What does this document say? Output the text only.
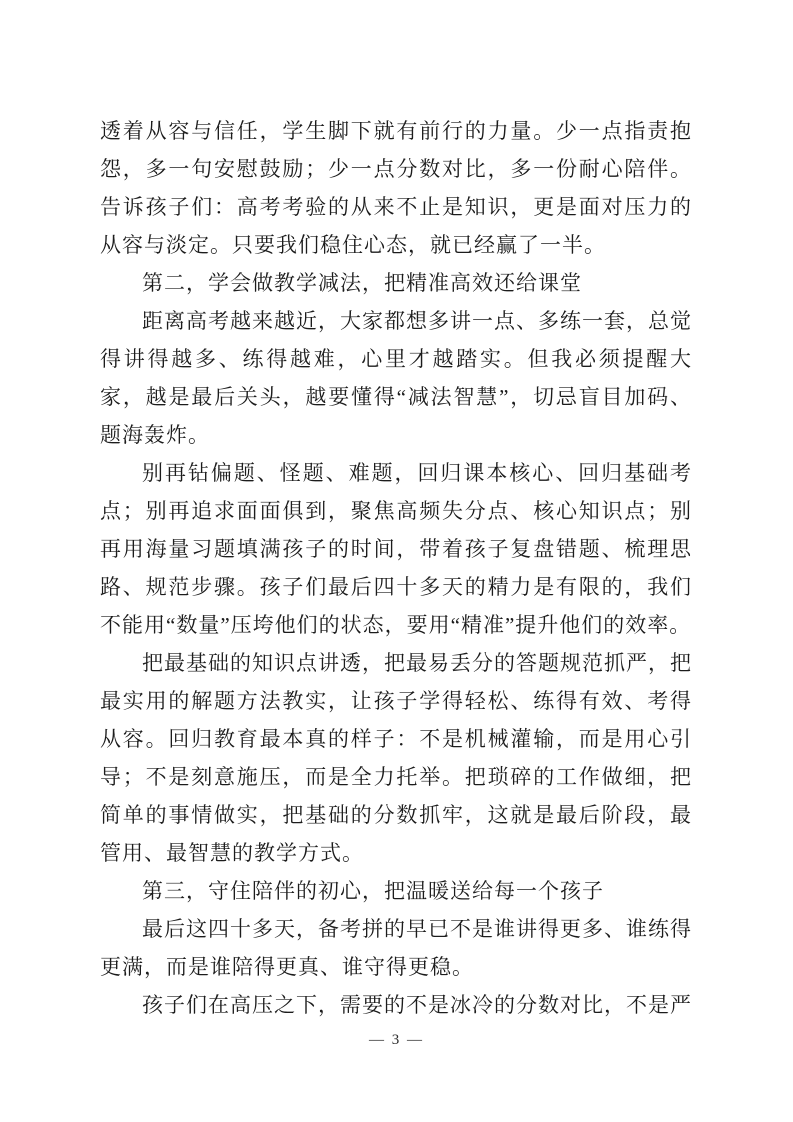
透着从容与信任，学生脚下就有前行的力量。少一点指责抱怨，多一句安慰鼓励；少一点分数对比，多一份耐心陪伴。告诉孩子们：高考考验的从来不止是知识，更是面对压力的从容与淡定。只要我们稳住心态，就已经赢了一半。

第二，学会做教学减法，把精准高效还给课堂

距离高考越来越近，大家都想多讲一点、多练一套，总觉得讲得越多、练得越难，心里才越踏实。但我必须提醒大家，越是最后关头，越要懂得“减法智慧”，切忌盲目加码、题海轰炸。

别再钻偏题、怪题、难题，回归课本核心、回归基础考点；别再追求面面俱到，聚焦高频失分点、核心知识点；别再用海量习题填满孩子的时间，带着孩子复盘错题、梳理思路、规范步骤。孩子们最后四十多天的精力是有限的，我们不能用“数量”压垮他们的状态，要用“精准”提升他们的效率。

把最基础的知识点讲透，把最易丢分的答题规范抓严，把最实用的解题方法教实，让孩子学得轻松、练得有效、考得从容。回归教育最本真的样子：不是机械灌输，而是用心引导；不是刻意施压，而是全力托举。把琐碎的工作做细，把简单的事情做实，把基础的分数抓牢，这就是最后阶段，最管用、最智慧的教学方式。

第三，守住陪伴的初心，把温暖送给每一个孩子

最后这四十多天，备考拼的早已不是谁讲得更多、谁练得更满，而是谁陪得更真、谁守得更稳。

孩子们在高压之下，需要的不是冰冷的分数对比，不是严

— 3 —
